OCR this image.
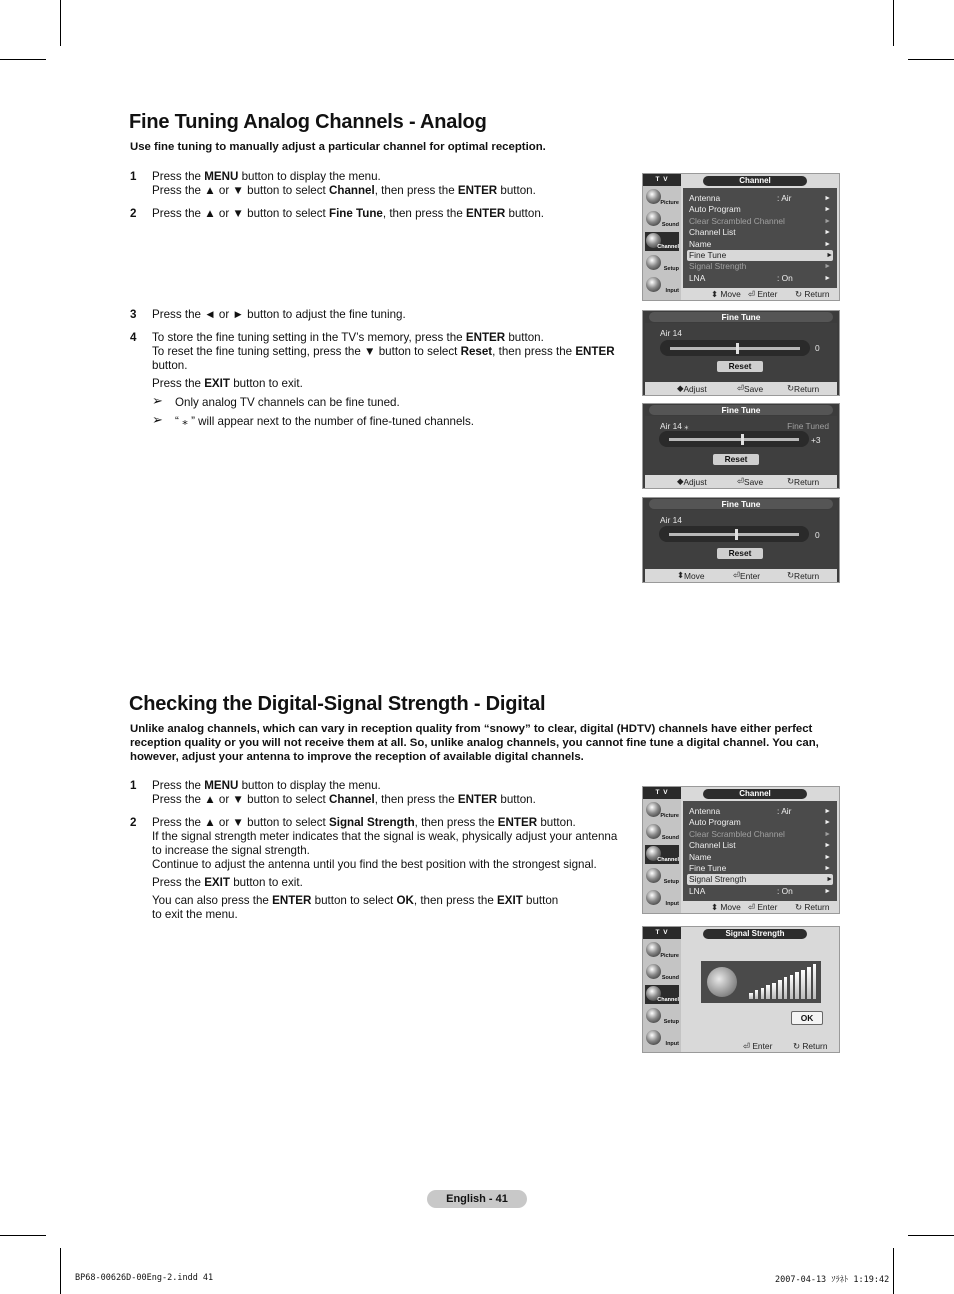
Fine Tuning Analog Channels - Analog
Use fine tuning to manually adjust a particular channel for optimal reception.
1 Press the MENU button to display the menu.
Press the ▲ or ▼ button to select Channel, then press the ENTER button.
2 Press the ▲ or ▼ button to select Fine Tune, then press the ENTER button.
3 Press the ◄ or ► button to adjust the fine tuning.
4 To store the fine tuning setting in the TV’s memory, press the ENTER button.
To reset the fine tuning setting, press the ▼ button to select Reset, then press the ENTER
button.
Press the EXIT button to exit.
➢ Only analog TV channels can be fine tuned.
➢ “ ⁎ ” will appear next to the number of fine-tuned channels.
T V
Picture
Sound
Channel
Setup
Input
Channel
Antenna	: Air	►
Auto Program	►
Clear Scrambled Channel	►
Channel List	►
Name	►
Fine Tune	►
Signal Strength	►
LNA	: On	►
⬍ Move ⏎ Enter ↻ Return
Fine Tune
Air 14
0
Reset
◆ Adjust	⏎ Save	↻ Return
Fine Tune
Air 14 ⁎	Fine Tuned
+3
Reset
◆ Adjust	⏎ Save	↻ Return
Fine Tune
Air 14
0
Reset
⬍ Move	⏎ Enter	↻ Return
Checking the Digital-Signal Strength - Digital
Unlike analog channels, which can vary in reception quality from “snowy” to clear, digital (HDTV) channels have either perfect reception quality or you will not receive them at all. So, unlike analog channels, you cannot fine tune a digital channel. You can, however, adjust your antenna to improve the reception of available digital channels.
1 Press the MENU button to display the menu.
Press the ▲ or ▼ button to select Channel, then press the ENTER button.
2 Press the ▲ or ▼ button to select Signal Strength, then press the ENTER button.
If the signal strength meter indicates that the signal is weak, physically adjust your antenna
to increase the signal strength.
Continue to adjust the antenna until you find the best position with the strongest signal.
Press the EXIT button to exit.
You can also press the ENTER button to select OK, then press the EXIT button
to exit the menu.
T V
Picture
Sound
Channel
Setup
Input
Channel
Antenna	: Air	►
Auto Program	►
Clear Scrambled Channel	►
Channel List	►
Name	►
Fine Tune	►
Signal Strength	►
LNA	: On	►
⬍ Move ⏎ Enter ↻ Return
T V
Picture
Sound
Channel
Setup
Input
Signal Strength
OK
⏎ Enter ↻ Return
English - 41
BP68-00626D-00Eng-2.indd 41	2007-04-13 ｿﾗﾈﾄ 1:19:42
